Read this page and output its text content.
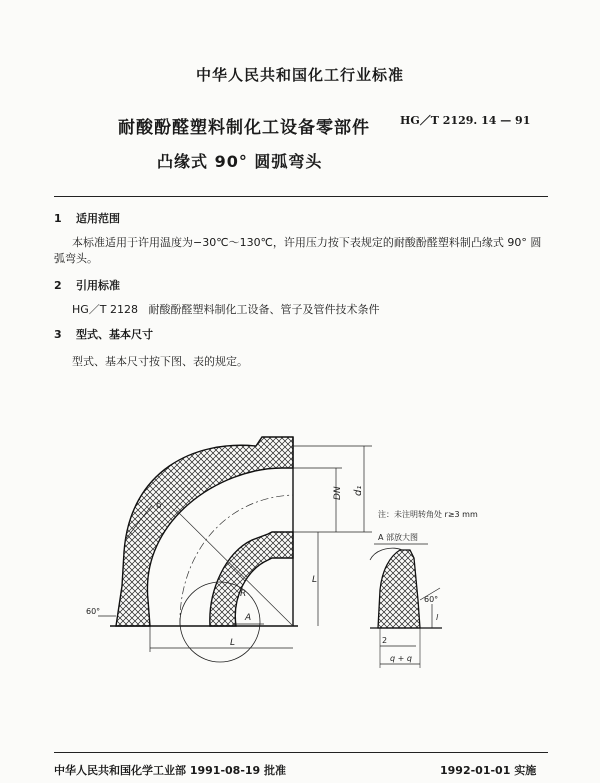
中华人民共和国化工行业标准
耐酸酚醛塑料制化工设备零部件	HG／T 2129. 14 — 91
凸缘式 90° 圆弧弯头
1 适用范围
本标准适用于许用温度为−30℃～130℃，许用压力按下表规定的耐酸酚醛塑料制凸缘式 90° 圆
弧弯头。
2 引用标准
HG／T 2128 耐酸酚醛塑料制化工设备、管子及管件技术条件
3 型式、基本尺寸
型式、基本尺寸按下图、表的规定。
δ
DN d₁
L
L
R
A
60°
60°
注：未注明转角处 r≥3 mm
A 部放大图
l
2
q + q
中华人民共和国化学工业部 1991-08-19 批准	1992-01-01 实施
